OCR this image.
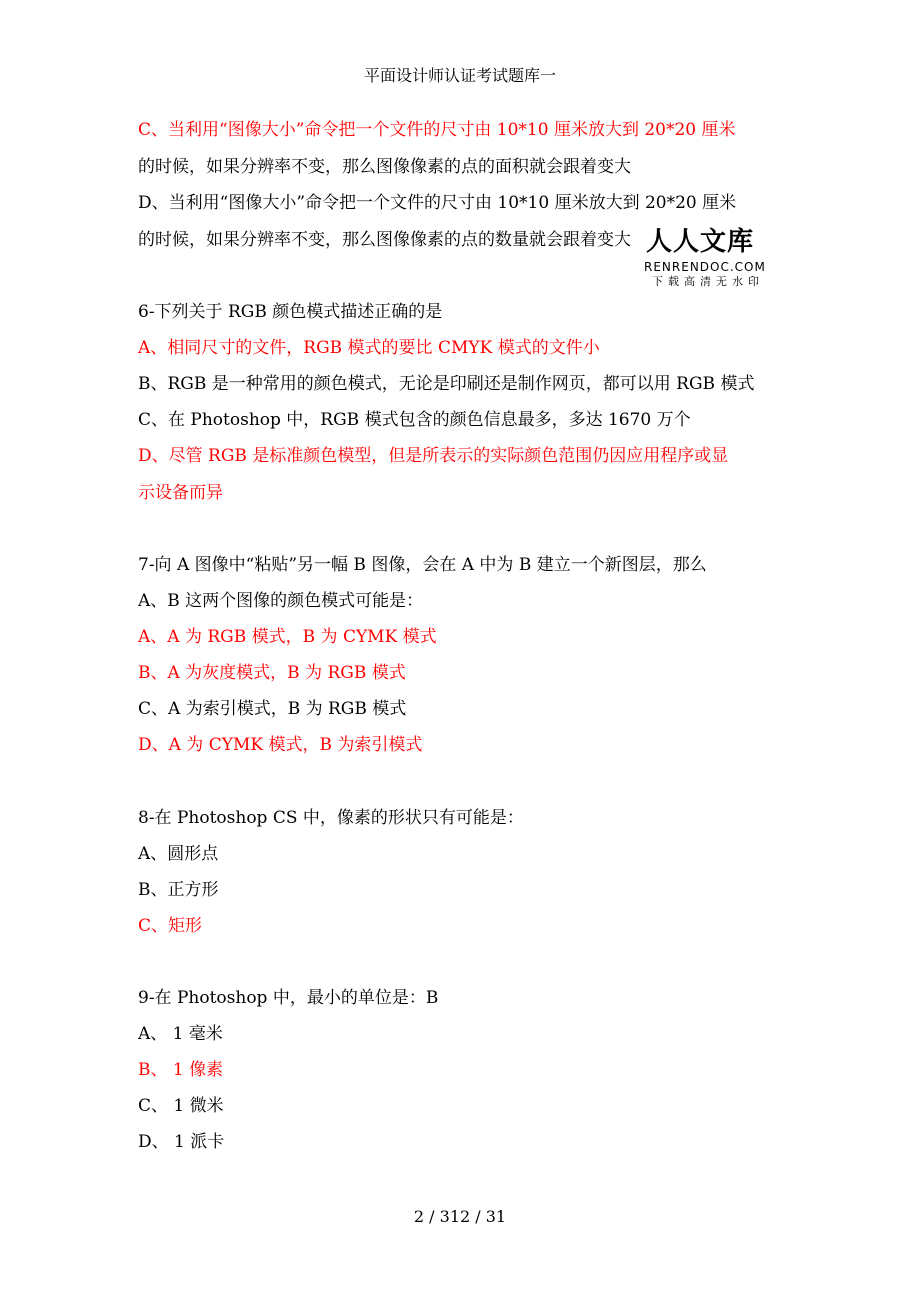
平面设计师认证考试题库一
C、当利用“图像大小”命令把一个文件的尺寸由 10*10 厘米放大到 20*20 厘米
的时候，如果分辨率不变，那么图像像素的点的面积就会跟着变大
D、当利用“图像大小”命令把一个文件的尺寸由 10*10 厘米放大到 20*20 厘米
的时候，如果分辨率不变，那么图像像素的点的数量就会跟着变大 人人文库
RENRENDOC.COM
下载高清无水印
6-下列关于 RGB 颜色模式描述正确的是
A、相同尺寸的文件，RGB 模式的要比 CMYK 模式的文件小
B、RGB 是一种常用的颜色模式，无论是印刷还是制作网页，都可以用 RGB 模式
C、在 Photoshop 中，RGB 模式包含的颜色信息最多，多达 1670 万个
D、尽管 RGB 是标准颜色模型，但是所表示的实际颜色范围仍因应用程序或显
示设备而异
7-向 A 图像中“粘贴”另一幅 B 图像，会在 A 中为 B 建立一个新图层，那么
A、B 这两个图像的颜色模式可能是：
A、A 为 RGB 模式，B 为 CYMK 模式
B、A 为灰度模式，B 为 RGB 模式
C、A 为索引模式，B 为 RGB 模式
D、A 为 CYMK 模式，B 为索引模式
8-在 Photoshop CS 中，像素的形状只有可能是：
A、圆形点
B、正方形
C、矩形
9-在 Photoshop 中，最小的单位是：B
A、 1 毫米
B、 1 像素
C、 1 微米
D、 1 派卡
2 / 312 / 31
